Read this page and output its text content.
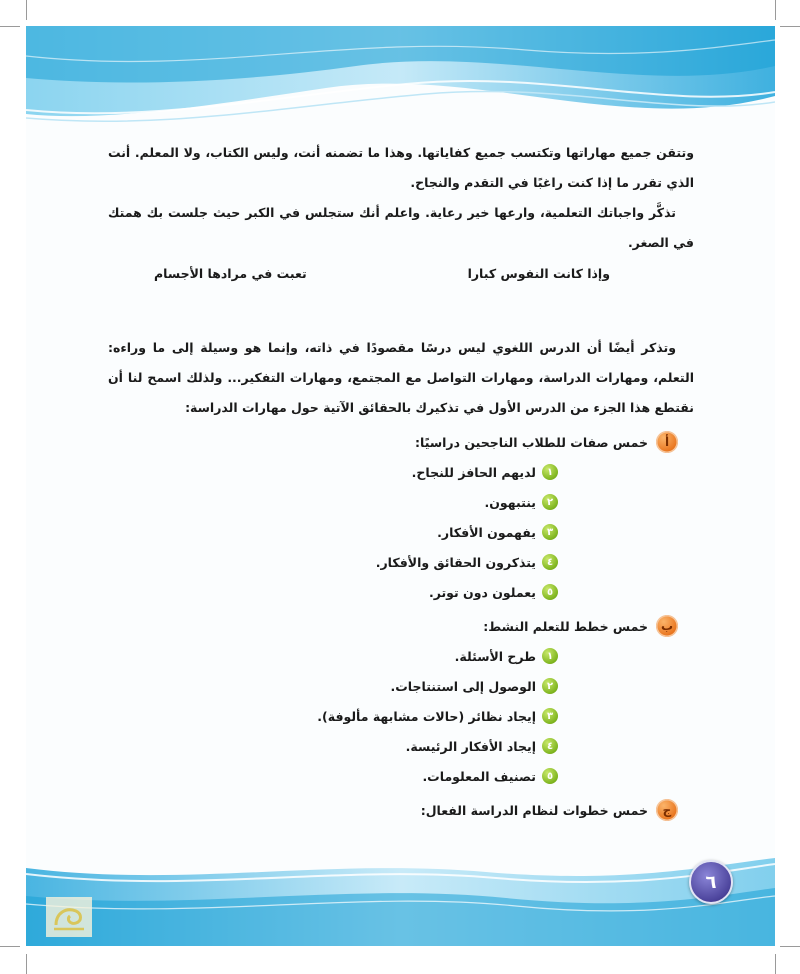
٦

وتتقن جميع مهاراتها وتكتسب جميع كفاياتها. وهذا ما تضمنه أنت، وليس الكتاب، ولا المعلم. أنت الذي تقرر ما إذا كنت راغبًا في التقدم والنجاح.

تذكَّر واجباتك التعلمية، وارعها خير رعاية. واعلم أنك ستجلس في الكبر حيث جلست بك همتك في الصغر.

وإذا كانت النفوس كبارا
تعبت في مرادها الأجسام

وتذكر أيضًا أن الدرس اللغوي ليس درسًا مقصودًا في ذاته، وإنما هو وسيلة إلى ما وراءه: التعلم، ومهارات الدراسة، ومهارات التواصل مع المجتمع، ومهارات التفكير... ولذلك اسمح لنا أن نقتطع هذا الجزء من الدرس الأول في تذكيرك بالحقائق الآتية حول مهارات الدراسة:

أ
خمس صفات للطلاب الناجحين دراسيًا:
١
لديهم الحافز للنجاح.
٢
ينتبهون.
٣
يفهمون الأفكار.
٤
يتذكرون الحقائق والأفكار.
٥
يعملون دون توتر.
ب
خمس خطط للتعلم النشط:
١
طرح الأسئلة.
٢
الوصول إلى استنتاجات.
٣
إيجاد نظائر (حالات مشابهة مألوفة).
٤
إيجاد الأفكار الرئيسة.
٥
تصنيف المعلومات.
ج
خمس خطوات لنظام الدراسة الفعال:
